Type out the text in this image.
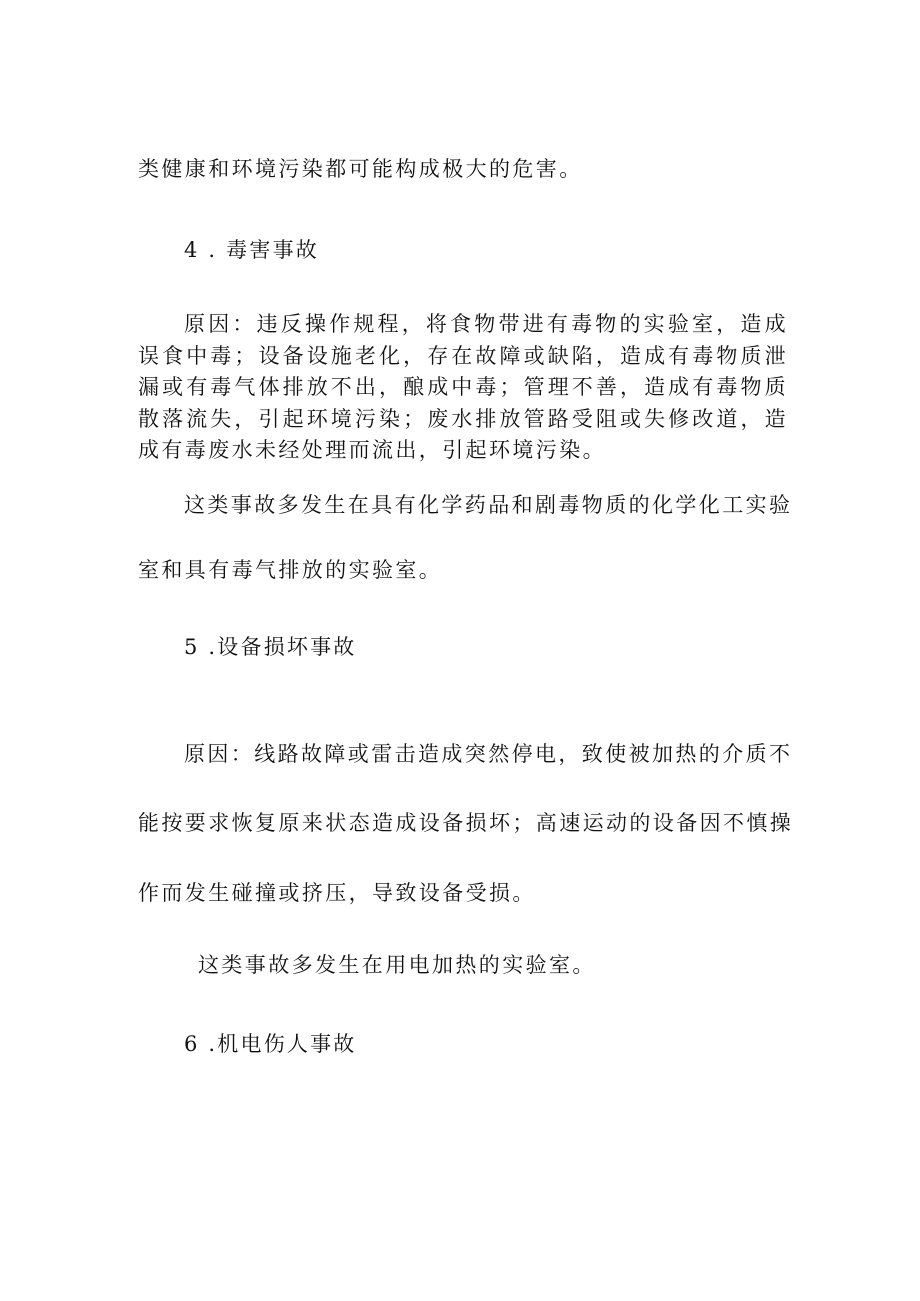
类健康和环境污染都可能构成极大的危害。
4 . 毒害事故
原因：违反操作规程，将食物带进有毒物的实验室，造成误食中毒；设备设施老化，存在故障或缺陷，造成有毒物质泄漏或有毒气体排放不出，酿成中毒；管理不善，造成有毒物质散落流失，引起环境污染；废水排放管路受阻或失修改道，造成有毒废水未经处理而流出，引起环境污染。
这类事故多发生在具有化学药品和剧毒物质的化学化工实验
室和具有毒气排放的实验室。
5 .设备损坏事故
原因：线路故障或雷击造成突然停电，致使被加热的介质不
能按要求恢复原来状态造成设备损坏；高速运动的设备因不慎操
作而发生碰撞或挤压，导致设备受损。
这类事故多发生在用电加热的实验室。
6 .机电伤人事故
